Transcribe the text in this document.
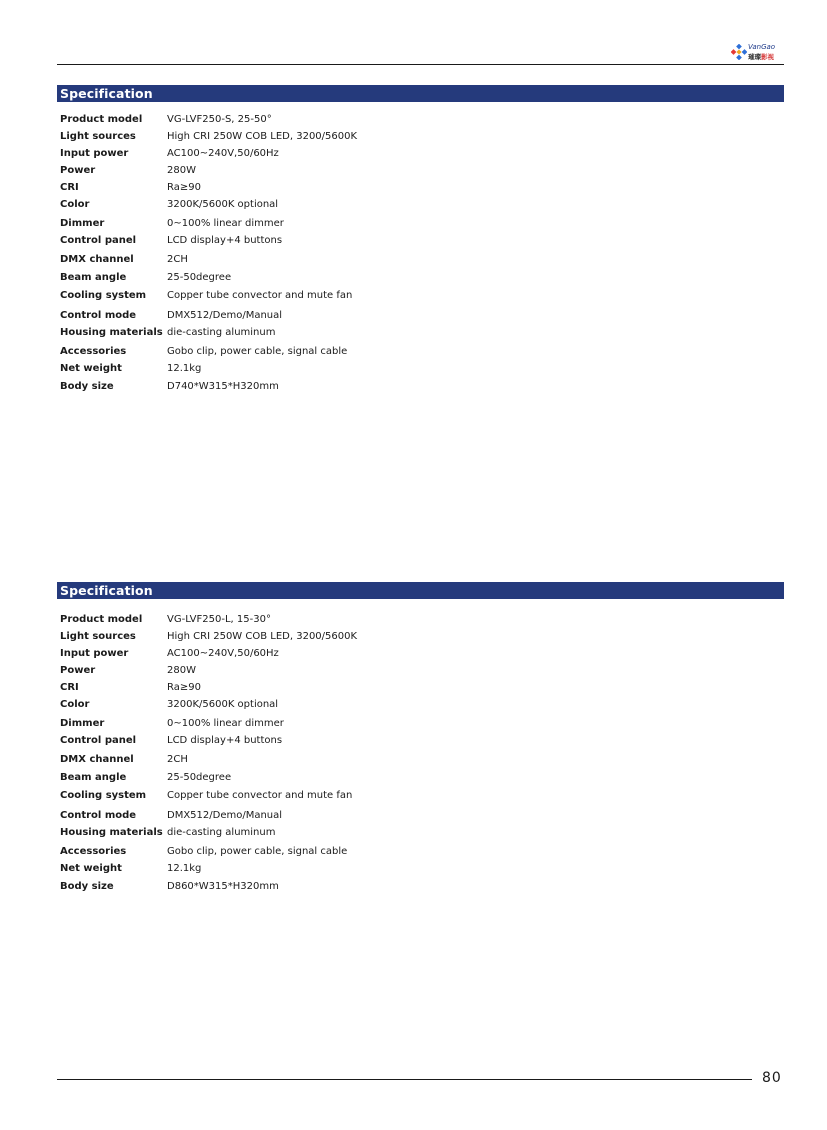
VanGao
璀璨影视
Specification
Product model VG-LVF250-S, 25-50°
Light sources	High CRI 250W COB LED, 3200/5600K
Input power	AC100~240V,50/60Hz
Power	280W
CRI	Ra≥90
Color	3200K/5600K optional
Dimmer	0~100% linear dimmer
Control panel	LCD display+4 buttons
DMX channel	2CH
Beam angle	25-50degree
Cooling system Copper tube convector and mute fan
Control mode	DMX512/Demo/Manual
Housing materials die-casting aluminum
Accessories	Gobo clip, power cable, signal cable
Net weight	12.1kg
Body size	D740*W315*H320mm
Specification
Product model VG-LVF250-L, 15-30°
Light sources	High CRI 250W COB LED, 3200/5600K
Input power	AC100~240V,50/60Hz
Power	280W
CRI	Ra≥90
Color	3200K/5600K optional
Dimmer	0~100% linear dimmer
Control panel	LCD display+4 buttons
DMX channel	2CH
Beam angle	25-50degree
Cooling system Copper tube convector and mute fan
Control mode	DMX512/Demo/Manual
Housing materials die-casting aluminum
Accessories	Gobo clip, power cable, signal cable
Net weight	12.1kg
Body size	D860*W315*H320mm
80
